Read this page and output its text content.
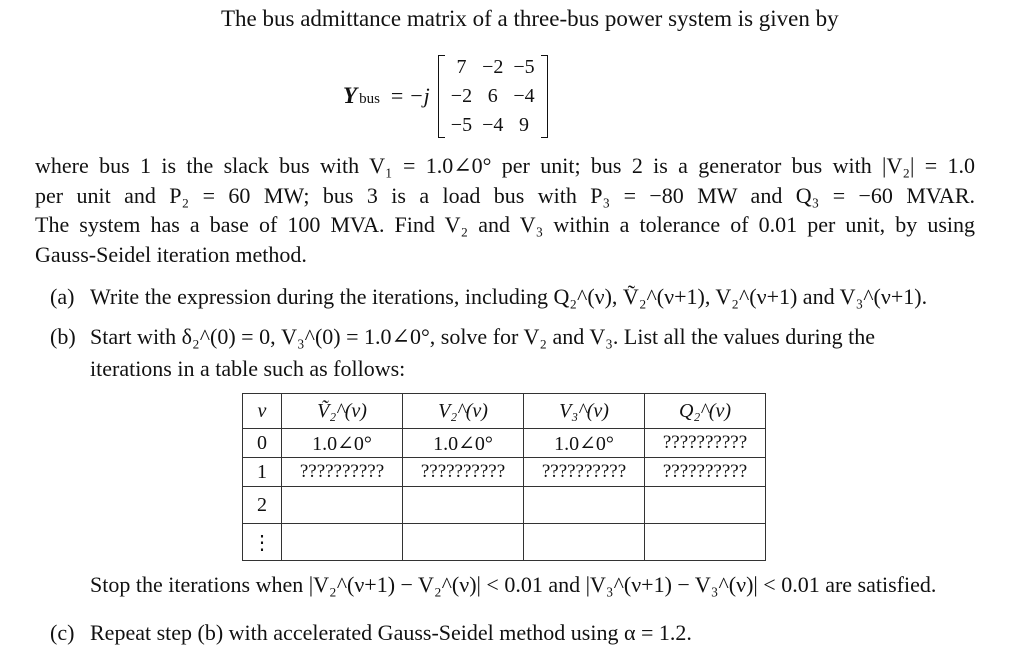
The bus admittance matrix of a three-bus power system is given by
Ybus = −j
7	−2	−5
−2	6	−4
−5	−4	9
where bus 1 is the slack bus with V₁ = 1.0∠0° per unit; bus 2 is a generator bus with |V₂| = 1.0
per unit and P₂ = 60 MW; bus 3 is a load bus with P₃ = −80 MW and Q₃ = −60 MVAR.
The system has a base of 100 MVA. Find V₂ and V₃ within a tolerance of 0.01 per unit, by using
Gauss-Seidel iteration method.
(a) Write the expression during the iterations, including Q₂^(ν), Ṽ₂^(ν+1), V₂^(ν+1) and V₃^(ν+1).
(b) Start with δ₂^(0) = 0, V₃^(0) = 1.0∠0°, solve for V₂ and V₃. List all the values during the
iterations in a table such as follows:
ν	Ṽ₂^(ν)	V₂^(ν)	V₃^(ν)	Q₂^(ν)
0	1.0∠0°	1.0∠0°	1.0∠0°	??????????
1	??????????	??????????	??????????	??????????
2				
⋮				
Stop the iterations when
|V₂^(ν+1) − V₂^(ν)| < 0.01
and
|V₃^(ν+1) − V₃^(ν)| < 0.01
are satisfied.
(c) Repeat step (b) with accelerated Gauss-Seidel method using α = 1.2.
